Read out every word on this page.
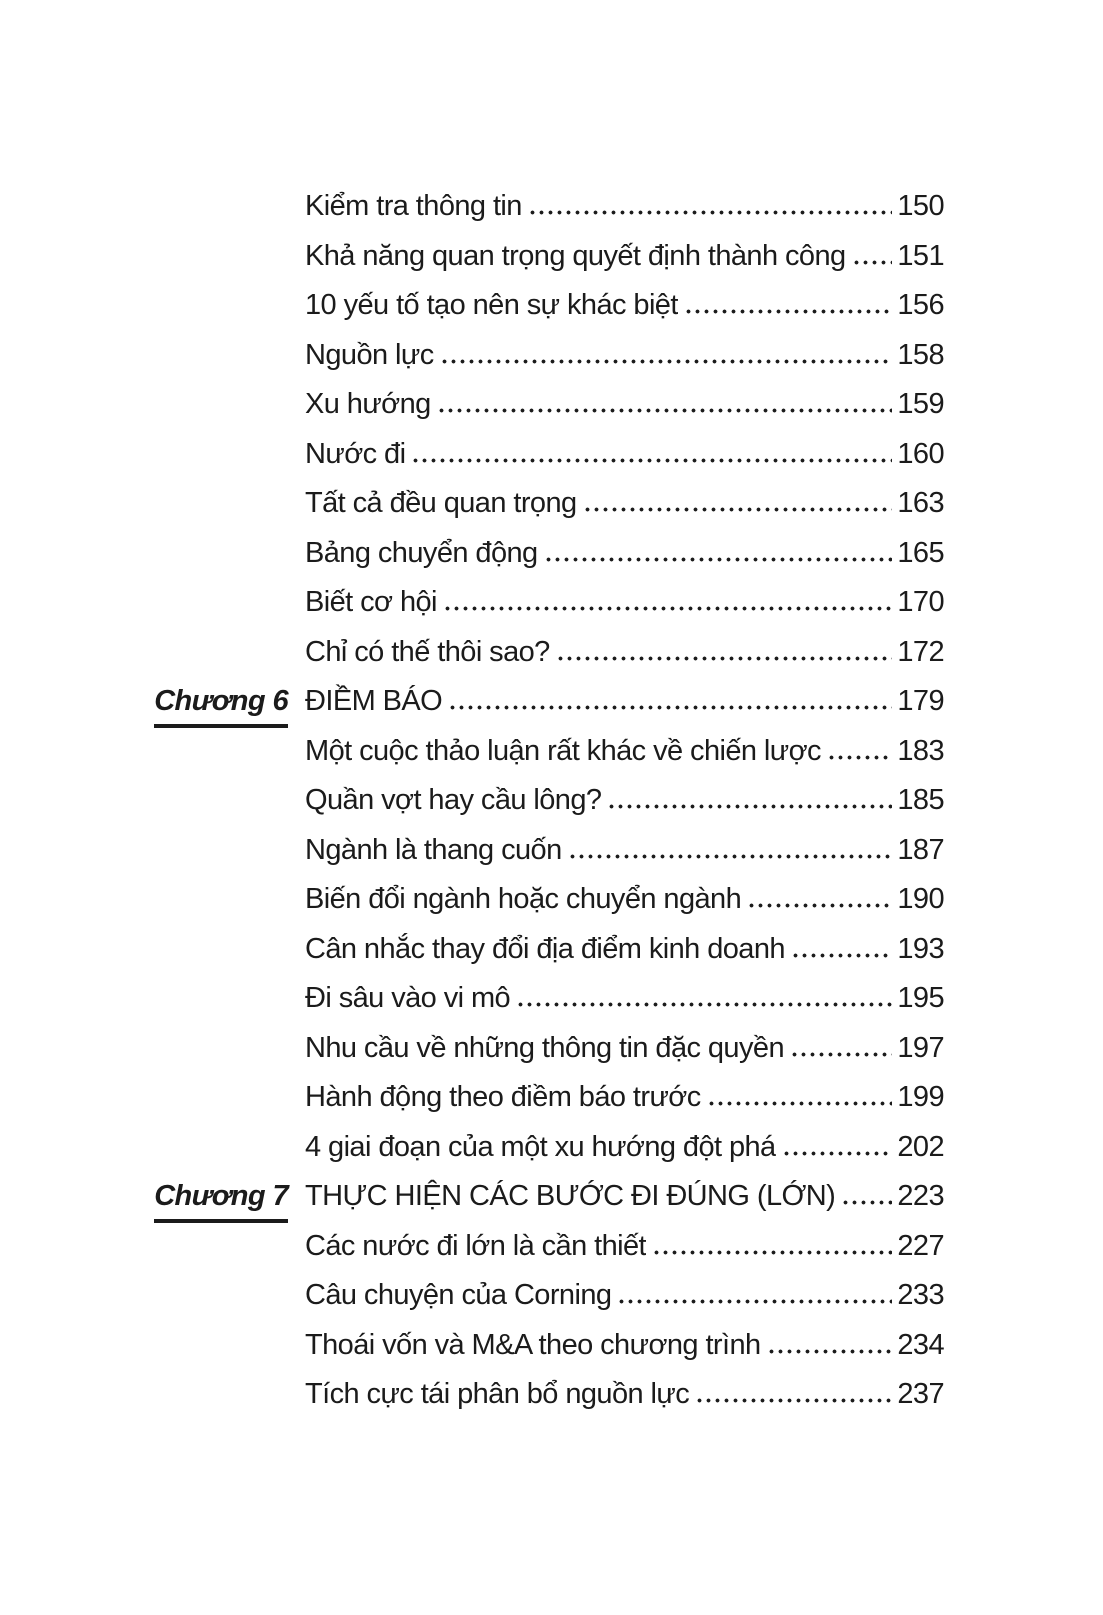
Kiểm tra thông tin	150
Khả năng quan trọng quyết định thành công 151
10 yếu tố tạo nên sự khác biệt	156
Nguồn lực	158
Xu hướng	159
Nước đi	160
Tất cả đều quan trọng	163
Bảng chuyển động	165
Biết cơ hội	170
Chỉ có thế thôi sao?	172
Chương 6 ĐIỀM BÁO	179
Một cuộc thảo luận rất khác về chiến lược	183
Quần vợt hay cầu lông?	185
Ngành là thang cuốn	187
Biến đổi ngành hoặc chuyển ngành	190
Cân nhắc thay đổi địa điểm kinh doanh	193
Đi sâu vào vi mô	195
Nhu cầu về những thông tin đặc quyền	197
Hành động theo điềm báo trước	199
4 giai đoạn của một xu hướng đột phá	202
Chương 7 THỰC HIỆN CÁC BƯỚC ĐI ĐÚNG (LỚN) 223
Các nước đi lớn là cần thiết	227
Câu chuyện của Corning	233
Thoái vốn và M&A theo chương trình	234
Tích cực tái phân bổ nguồn lực	237
